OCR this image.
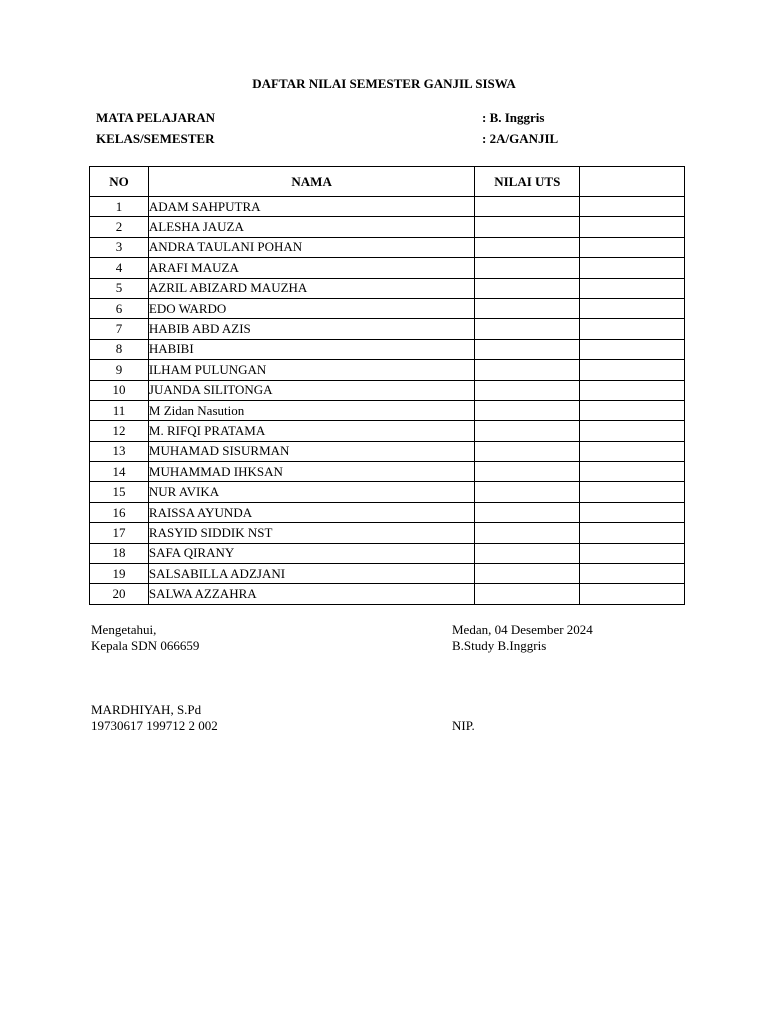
DAFTAR NILAI SEMESTER GANJIL SISWA
MATA PELAJARAN	: B. Inggris
KELAS/SEMESTER	: 2A/GANJIL
NO	NAMA	NILAI UTS	
1	ADAM SAHPUTRA		
2	ALESHA JAUZA		
3	ANDRA TAULANI POHAN		
4	ARAFI MAUZA		
5	AZRIL ABIZARD MAUZHA		
6	EDO WARDO		
7	HABIB ABD AZIS		
8	HABIBI		
9	ILHAM PULUNGAN		
10	JUANDA SILITONGA		
11	M Zidan Nasution		
12	M. RIFQI PRATAMA		
13	MUHAMAD SISURMAN		
14	MUHAMMAD IHKSAN		
15	NUR AVIKA		
16	RAISSA AYUNDA		
17	RASYID SIDDIK NST		
18	SAFA QIRANY		
19	SALSABILLA ADZJANI		
20	SALWA AZZAHRA		
Mengetahui,
Kepala SDN 066659
Medan, 04 Desember 2024
B.Study B.Inggris
MARDHIYAH, S.Pd
19730617 199712 2 002	NIP.
